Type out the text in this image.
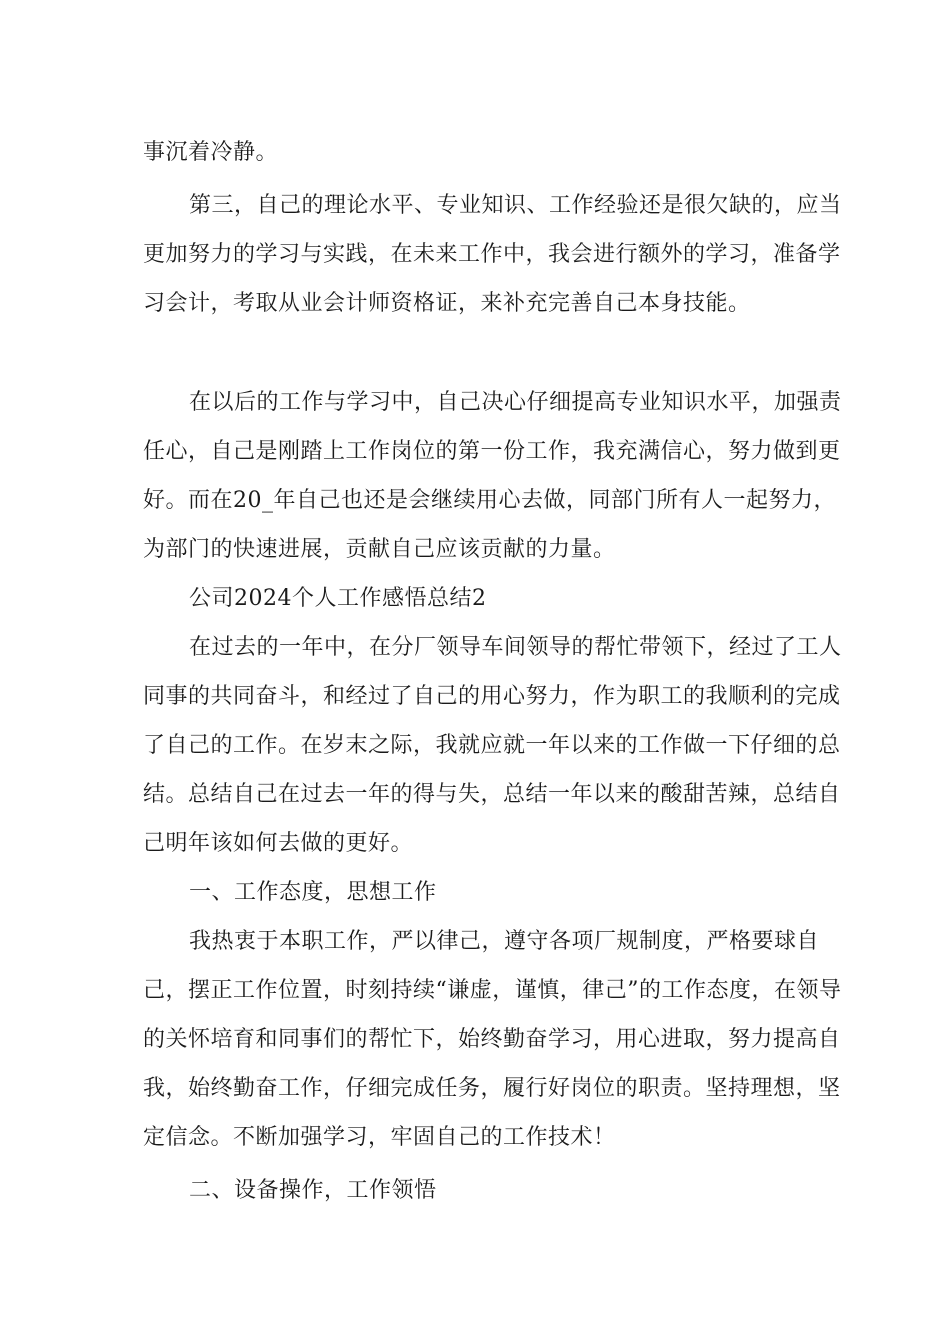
事沉着冷静。

第三，自己的理论水平、专业知识、工作经验还是很欠缺的，应当更加努力的学习与实践，在未来工作中，我会进行额外的学习，准备学习会计，考取从业会计师资格证，来补充完善自己本身技能。

在以后的工作与学习中，自己决心仔细提高专业知识水平，加强责任心，自己是刚踏上工作岗位的第一份工作，我充满信心，努力做到更好。而在20_年自己也还是会继续用心去做，同部门所有人一起努力，为部门的快速进展，贡献自己应该贡献的力量。

公司2024个人工作感悟总结2

在过去的一年中，在分厂领导车间领导的帮忙带领下，经过了工人同事的共同奋斗，和经过了自己的用心努力，作为职工的我顺利的完成了自己的工作。在岁末之际，我就应就一年以来的工作做一下仔细的总结。总结自己在过去一年的得与失，总结一年以来的酸甜苦辣，总结自己明年该如何去做的更好。

一、工作态度，思想工作

我热衷于本职工作，严以律己，遵守各项厂规制度，严格要球自己，摆正工作位置，时刻持续“谦虚，谨慎，律己”的工作态度，在领导的关怀培育和同事们的帮忙下，始终勤奋学习，用心进取，努力提高自我，始终勤奋工作，仔细完成任务，履行好岗位的职责。坚持理想，坚定信念。不断加强学习，牢固自己的工作技术！

二、设备操作，工作领悟
